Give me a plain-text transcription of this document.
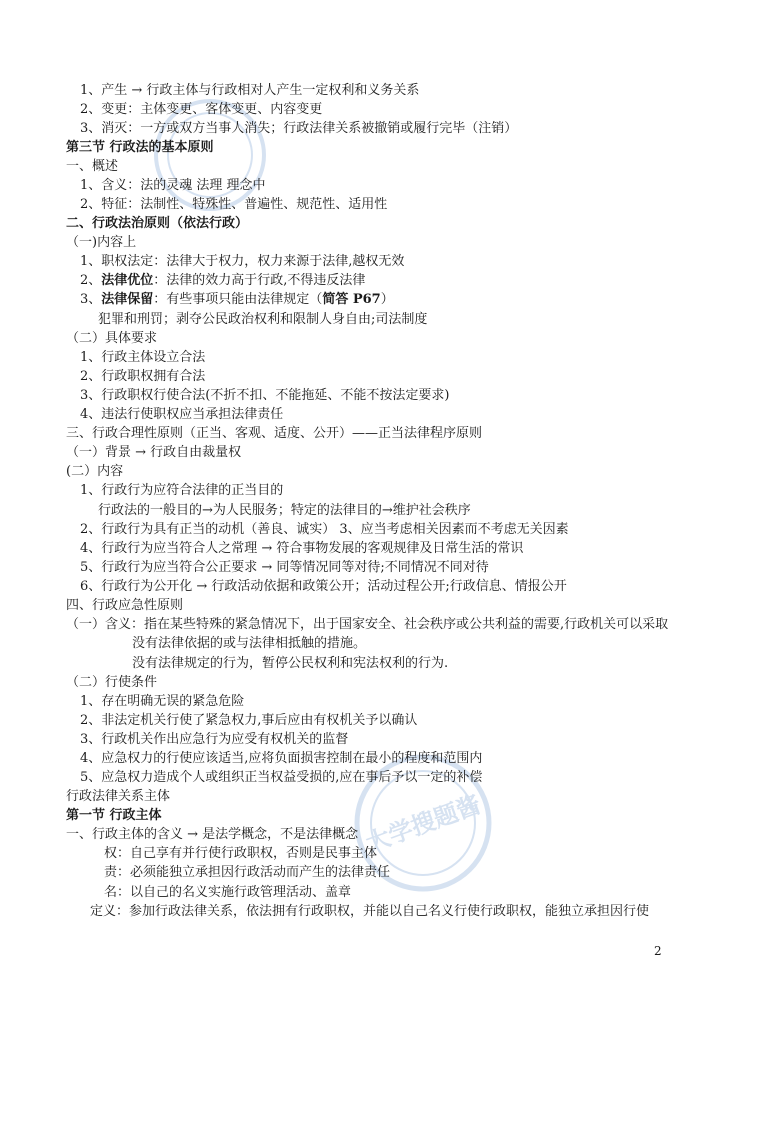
大学搜题酱
1、产生 → 行政主体与行政相对人产生一定权利和义务关系
2、变更：主体变更、客体变更、内容变更
3、消灭：一方或双方当事人消失；行政法律关系被撤销或履行完毕（注销）
第三节 行政法的基本原则
一、概述
1、含义：法的灵魂 法理 理念中
2、特征：法制性、特殊性、普遍性、规范性、适用性
二、行政法治原则（依法行政）
（一)内容上
1、职权法定：法律大于权力，权力来源于法律,越权无效
2、法律优位：法律的效力高于行政,不得违反法律
3、法律保留：有些事项只能由法律规定（简答 P67）
犯罪和刑罚；剥夺公民政治权利和限制人身自由;司法制度
（二）具体要求
1、行政主体设立合法
2、行政职权拥有合法
3、行政职权行使合法(不折不扣、不能拖延、不能不按法定要求)
4、违法行使职权应当承担法律责任
三、行政合理性原则（正当、客观、适度、公开）——正当法律程序原则
（一）背景 → 行政自由裁量权
(二）内容
1、行政行为应符合法律的正当目的
行政法的一般目的→为人民服务；特定的法律目的→维护社会秩序
2、行政行为具有正当的动机（善良、诚实） 3、应当考虑相关因素而不考虑无关因素
4、行政行为应当符合人之常理 → 符合事物发展的客观规律及日常生活的常识
5、行政行为应当符合公正要求 → 同等情况同等对待;不同情况不同对待
6、行政行为公开化 → 行政活动依据和政策公开；活动过程公开;行政信息、情报公开
四、行政应急性原则
（一）含义：指在某些特殊的紧急情况下，出于国家安全、社会秩序或公共利益的需要,行政机关可以采取
没有法律依据的或与法律相抵触的措施。
没有法律规定的行为，暂停公民权利和宪法权利的行为.
（二）行使条件
1、存在明确无误的紧急危险
2、非法定机关行使了紧急权力,事后应由有权机关予以确认
3、行政机关作出应急行为应受有权机关的监督
4、应急权力的行使应该适当,应将负面损害控制在最小的程度和范围内
5、应急权力造成个人或组织正当权益受损的,应在事后予以一定的补偿
行政法律关系主体
第一节 行政主体
一、行政主体的含义 → 是法学概念，不是法律概念
权：自己享有并行使行政职权，否则是民事主体
责：必须能独立承担因行政活动而产生的法律责任
名：以自己的名义实施行政管理活动、盖章
定义：参加行政法律关系，依法拥有行政职权，并能以自己名义行使行政职权，能独立承担因行使
2
